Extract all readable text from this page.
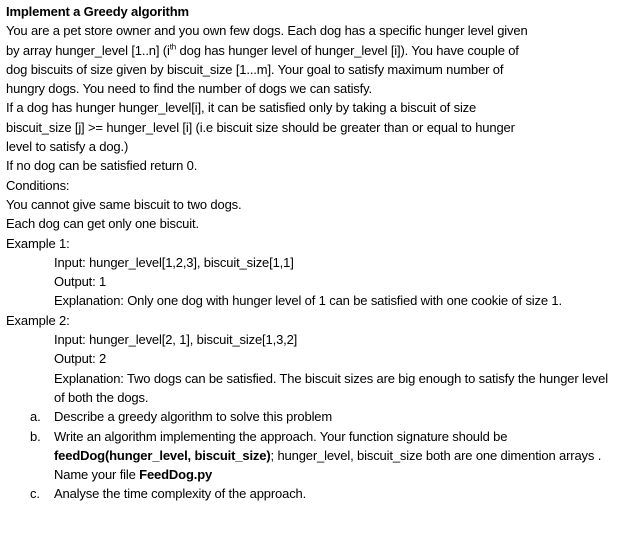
Implement a Greedy algorithm
You are a pet store owner and you own few dogs. Each dog has a specific hunger level given
by array hunger_level [1..n] ($i^{th}$ dog has hunger level of hunger_level [i]). You have couple of
dog biscuits of size given by biscuit_size [1...m]. Your goal to satisfy maximum number of
hungry dogs. You need to find the number of dogs we can satisfy.
If a dog has hunger hunger_level[i], it can be satisfied only by taking a biscuit of size
biscuit_size [j] >= hunger_level [i] (i.e biscuit size should be greater than or equal to hunger
level to satisfy a dog.)
If no dog can be satisfied return 0.
Conditions:
You cannot give same biscuit to two dogs.
Each dog can get only one biscuit.
Example 1:
Input: hunger_level[1,2,3], biscuit_size[1,1]
Output: 1
Explanation: Only one dog with hunger level of 1 can be satisfied with one cookie of size 1.
Example 2:
Input: hunger_level[2, 1], biscuit_size[1,3,2]
Output: 2
Explanation: Two dogs can be satisfied. The biscuit sizes are big enough to satisfy the hunger level of both the dogs.
a. Describe a greedy algorithm to solve this problem
b. Write an algorithm implementing the approach. Your function signature should be feedDog(hunger_level, biscuit_size); hunger_level, biscuit_size both are one dimention arrays . Name your file FeedDog.py
c. Analyse the time complexity of the approach.
